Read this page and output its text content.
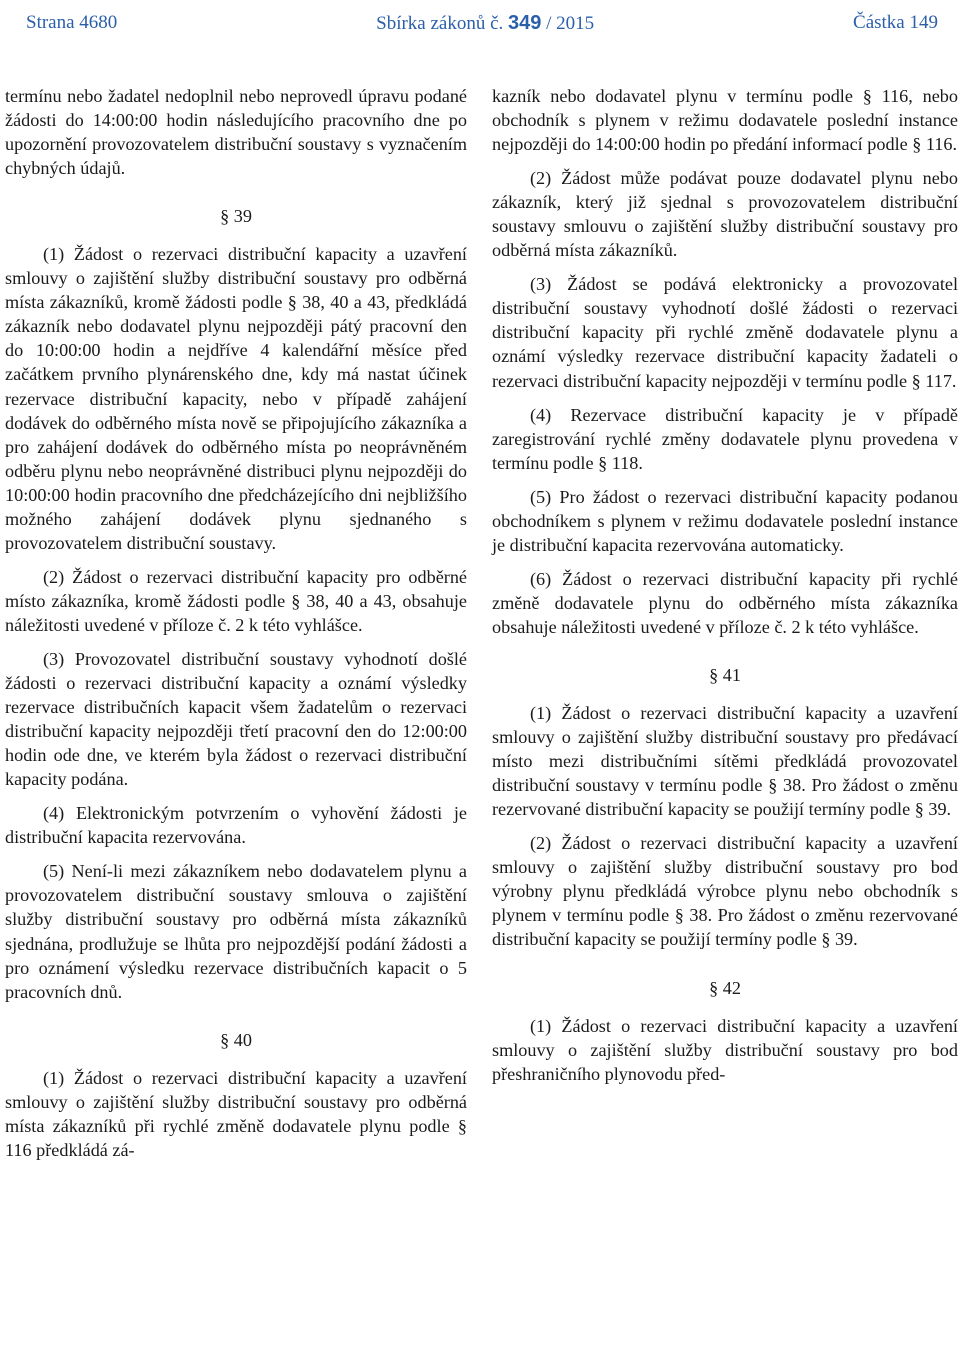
Strana 4680	Sbírka zákonů č. 349 / 2015	Částka 149

termínu nebo žadatel nedoplnil nebo neprovedl úpravu podané žádosti do 14:00:00 hodin následujícího pracovního dne po upozornění provozovatelem distribuční soustavy s vyznačením chybných údajů.

§ 39

(1) Žádost o rezervaci distribuční kapacity a uzavření smlouvy o zajištění služby distribuční soustavy pro odběrná místa zákazníků, kromě žádosti podle § 38, 40 a 43, předkládá zákazník nebo dodavatel plynu nejpozději pátý pracovní den do 10:00:00 hodin a nejdříve 4 kalendářní měsíce před začátkem prvního plynárenského dne, kdy má nastat účinek rezervace distribuční kapacity, nebo v případě zahájení dodávek do odběrného místa nově se připojujícího zákazníka a pro zahájení dodávek do odběrného místa po neoprávněném odběru plynu nebo neoprávněné distribuci plynu nejpozději do 10:00:00 hodin pracovního dne předcházejícího dni nejbližšího možného zahájení dodávek plynu sjednaného s provozovatelem distribuční soustavy.

(2) Žádost o rezervaci distribuční kapacity pro odběrné místo zákazníka, kromě žádosti podle § 38, 40 a 43, obsahuje náležitosti uvedené v příloze č. 2 k této vyhlášce.

(3) Provozovatel distribuční soustavy vyhodnotí došlé žádosti o rezervaci distribuční kapacity a oznámí výsledky rezervace distribučních kapacit všem žadatelům o rezervaci distribuční kapacity nejpozději třetí pracovní den do 12:00:00 hodin ode dne, ve kterém byla žádost o rezervaci distribuční kapacity podána.

(4) Elektronickým potvrzením o vyhovění žádosti je distribuční kapacita rezervována.

(5) Není-li mezi zákazníkem nebo dodavatelem plynu a provozovatelem distribuční soustavy smlouva o zajištění služby distribuční soustavy pro odběrná místa zákazníků sjednána, prodlužuje se lhůta pro nejpozdější podání žádosti a pro oznámení výsledku rezervace distribučních kapacit o 5 pracovních dnů.

§ 40

(1) Žádost o rezervaci distribuční kapacity a uzavření smlouvy o zajištění služby distribuční soustavy pro odběrná místa zákazníků při rychlé změně dodavatele plynu podle § 116 předkládá zá-

kazník nebo dodavatel plynu v termínu podle § 116, nebo obchodník s plynem v režimu dodavatele poslední instance nejpozději do 14:00:00 hodin po předání informací podle § 116.

(2) Žádost může podávat pouze dodavatel plynu nebo zákazník, který již sjednal s provozovatelem distribuční soustavy smlouvu o zajištění služby distribuční soustavy pro odběrná místa zákazníků.

(3) Žádost se podává elektronicky a provozovatel distribuční soustavy vyhodnotí došlé žádosti o rezervaci distribuční kapacity při rychlé změně dodavatele plynu a oznámí výsledky rezervace distribuční kapacity žadateli o rezervaci distribuční kapacity nejpozději v termínu podle § 117.

(4) Rezervace distribuční kapacity je v případě zaregistrování rychlé změny dodavatele plynu provedena v termínu podle § 118.

(5) Pro žádost o rezervaci distribuční kapacity podanou obchodníkem s plynem v režimu dodavatele poslední instance je distribuční kapacita rezervována automaticky.

(6) Žádost o rezervaci distribuční kapacity při rychlé změně dodavatele plynu do odběrného místa zákazníka obsahuje náležitosti uvedené v příloze č. 2 k této vyhlášce.

§ 41

(1) Žádost o rezervaci distribuční kapacity a uzavření smlouvy o zajištění služby distribuční soustavy pro předávací místo mezi distribučními sítěmi předkládá provozovatel distribuční soustavy v termínu podle § 38. Pro žádost o změnu rezervované distribuční kapacity se použijí termíny podle § 39.

(2) Žádost o rezervaci distribuční kapacity a uzavření smlouvy o zajištění služby distribuční soustavy pro bod výrobny plynu předkládá výrobce plynu nebo obchodník s plynem v termínu podle § 38. Pro žádost o změnu rezervované distribuční kapacity se použijí termíny podle § 39.

§ 42

(1) Žádost o rezervaci distribuční kapacity a uzavření smlouvy o zajištění služby distribuční soustavy pro bod přeshraničního plynovodu před-
